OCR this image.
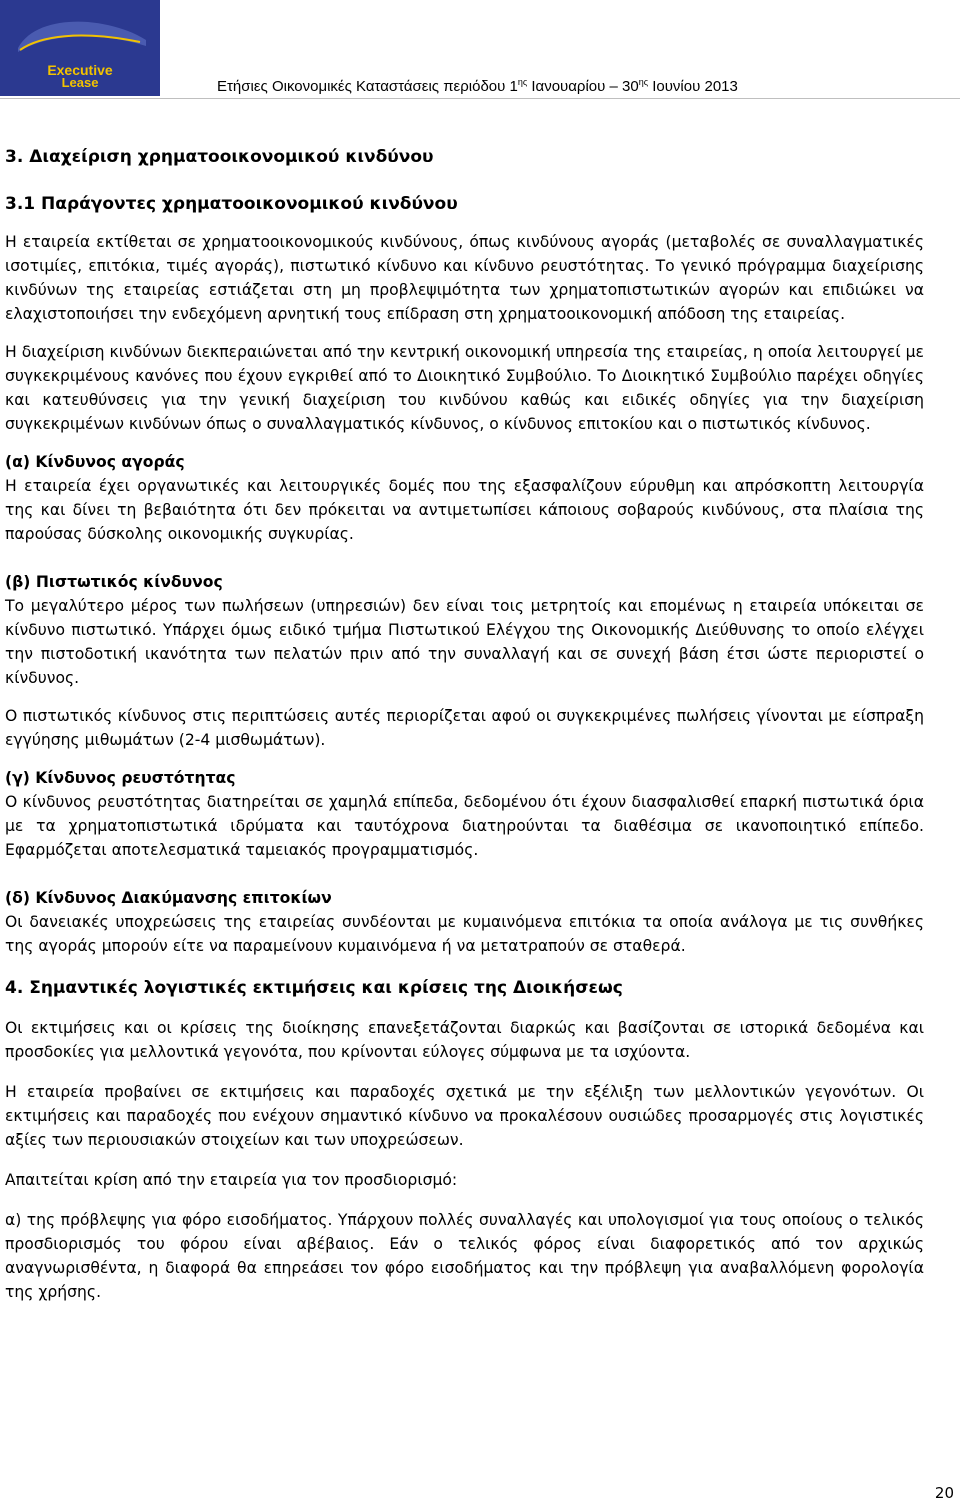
Executive
Lease	Ετήσιες Οικονομικές Καταστάσεις περιόδου $1^{\eta\varsigma}$ Ιανουαρίου – $30^{\eta\varsigma}$ Ιουνίου 2013
3. Διαχείριση χρηματοοικονομικού κινδύνου
3.1 Παράγοντες χρηματοοικονομικού κινδύνου

Η εταιρεία εκτίθεται σε χρηματοοικονομικούς κινδύνους, όπως κινδύνους αγοράς (μεταβολές σε συναλλαγματικές ισοτιμίες, επιτόκια, τιμές αγοράς), πιστωτικό κίνδυνο και κίνδυνο ρευστότητας. Το γενικό πρόγραμμα διαχείρισης κινδύνων της εταιρείας εστιάζεται στη μη προβλεψιμότητα των χρηματοπιστωτικών αγορών και επιδιώκει να ελαχιστοποιήσει την ενδεχόμενη αρνητική τους επίδραση στη χρηματοοικονομική απόδοση της εταιρείας.

Η διαχείριση κινδύνων διεκπεραιώνεται από την κεντρική οικονομική υπηρεσία της εταιρείας, η οποία λειτουργεί με συγκεκριμένους κανόνες που έχουν εγκριθεί από το Διοικητικό Συμβούλιο. Το Διοικητικό Συμβούλιο παρέχει οδηγίες και κατευθύνσεις για την γενική διαχείριση του κινδύνου καθώς και ειδικές οδηγίες για την διαχείριση συγκεκριμένων κινδύνων όπως ο συναλλαγματικός κίνδυνος, ο κίνδυνος επιτοκίου και ο πιστωτικός κίνδυνος.

(α) Κίνδυνος αγοράς

Η εταιρεία έχει οργανωτικές και λειτουργικές δομές που της εξασφαλίζουν εύρυθμη και απρόσκοπτη λειτουργία της και δίνει τη βεβαιότητα ότι δεν πρόκειται να αντιμετωπίσει κάποιους σοβαρούς κινδύνους, στα πλαίσια της παρούσας δύσκολης οικονομικής συγκυρίας.

(β) Πιστωτικός κίνδυνος

Το μεγαλύτερο μέρος των πωλήσεων (υπηρεσιών) δεν είναι τοις μετρητοίς και επομένως η εταιρεία υπόκειται σε κίνδυνο πιστωτικό. Υπάρχει όμως ειδικό τμήμα Πιστωτικού Ελέγχου της Οικονομικής Διεύθυνσης το οποίο ελέγχει την πιστοδοτική ικανότητα των πελατών πριν από την συναλλαγή και σε συνεχή βάση έτσι ώστε περιοριστεί ο κίνδυνος.

Ο πιστωτικός κίνδυνος στις περιπτώσεις αυτές περιορίζεται αφού οι συγκεκριμένες πωλήσεις γίνονται με είσπραξη εγγύησης μιθωμάτων (2-4 μισθωμάτων).

(γ) Κίνδυνος ρευστότητας

Ο κίνδυνος ρευστότητας διατηρείται σε χαμηλά επίπεδα, δεδομένου ότι έχουν διασφαλισθεί επαρκή πιστωτικά όρια με τα χρηματοπιστωτικά ιδρύματα και ταυτόχρονα διατηρούνται τα διαθέσιμα σε ικανοποιητικό επίπεδο. Εφαρμόζεται αποτελεσματικά ταμειακός προγραμματισμός.

(δ) Κίνδυνος Διακύμανσης επιτοκίων

Οι δανειακές υποχρεώσεις της εταιρείας συνδέονται με κυμαινόμενα επιτόκια τα οποία ανάλογα με τις συνθήκες της αγοράς μπορούν είτε να παραμείνουν κυμαινόμενα ή να μετατραπούν σε σταθερά.

4. Σημαντικές λογιστικές εκτιμήσεις και κρίσεις της Διοικήσεως

Οι εκτιμήσεις και οι κρίσεις της διοίκησης επανεξετάζονται διαρκώς και βασίζονται σε ιστορικά δεδομένα και προσδοκίες για μελλοντικά γεγονότα, που κρίνονται εύλογες σύμφωνα με τα ισχύοντα.

Η εταιρεία προβαίνει σε εκτιμήσεις και παραδοχές σχετικά με την εξέλιξη των μελλοντικών γεγονότων. Οι εκτιμήσεις και παραδοχές που ενέχουν σημαντικό κίνδυνο να προκαλέσουν ουσιώδες προσαρμογές στις λογιστικές αξίες των περιουσιακών στοιχείων και των υποχρεώσεων.

Απαιτείται κρίση από την εταιρεία για τον προσδιορισμό:

α) της πρόβλεψης για φόρο εισοδήματος. Υπάρχουν πολλές συναλλαγές και υπολογισμοί για τους οποίους ο τελικός προσδιορισμός του φόρου είναι αβέβαιος. Εάν ο τελικός φόρος είναι διαφορετικός από τον αρχικώς αναγνωρισθέντα, η διαφορά θα επηρεάσει τον φόρο εισοδήματος και την πρόβλεψη για αναβαλλόμενη φορολογία της χρήσης.

20
